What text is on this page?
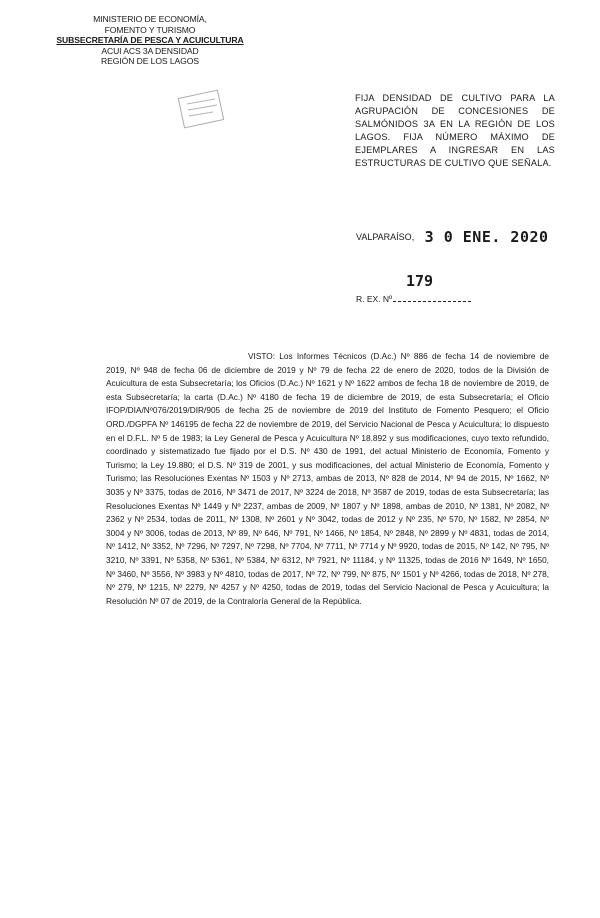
MINISTERIO DE ECONOMÍA,
FOMENTO Y TURISMO
SUBSECRETARÍA DE PESCA Y ACUICULTURA
ACUI ACS 3A DENSIDAD
REGIÓN DE LOS LAGOS
FIJA DENSIDAD DE CULTIVO PARA LA AGRUPACIÓN DE CONCESIONES DE SALMÓNIDOS 3A EN LA REGIÓN DE LOS LAGOS. FIJA NÚMERO MÁXIMO DE EJEMPLARES A INGRESAR EN LAS ESTRUCTURAS DE CULTIVO QUE SEÑALA.
VALPARAÍSO, 3 0 ENE. 2020
179
R. EX. Nº
VISTO: Los Informes Técnicos (D.Ac.) Nº 886 de fecha 14 de noviembre de 2019, Nº 948 de fecha 06 de diciembre de 2019 y Nº 79 de fecha 22 de enero de 2020, todos de la División de Acuicultura de esta Subsecretaría; los Oficios (D.Ac.) Nº 1621 y Nº 1622 ambos de fecha 18 de noviembre de 2019, de esta Subsecretaría; la carta (D.Ac.) Nº 4180 de fecha 19 de diciembre de 2019, de esta Subsecretaría; el Oficio IFOP/DIA/Nº076/2019/DIR/905 de fecha 25 de noviembre de 2019 del Instituto de Fomento Pesquero; el Oficio ORD./DGPFA Nº 146195 de fecha 22 de noviembre de 2019, del Servicio Nacional de Pesca y Acuicultura; lo dispuesto en el D.F.L. Nº 5 de 1983; la Ley General de Pesca y Acuicultura Nº 18.892 y sus modificaciones, cuyo texto refundido, coordinado y sistematizado fue fijado por el D.S. Nº 430 de 1991, del actual Ministerio de Economía, Fomento y Turismo; la Ley 19.880; el D.S. Nº 319 de 2001, y sus modificaciones, del actual Ministerio de Economía, Fomento y Turismo; las Resoluciones Exentas Nº 1503 y Nº 2713, ambas de 2013, Nº 828 de 2014, Nº 94 de 2015, Nº 1662, Nº 3035 y Nº 3375, todas de 2016, Nº 3471 de 2017, Nº 3224 de 2018, Nº 3587 de 2019, todas de esta Subsecretaría; las Resoluciones Exentas Nº 1449 y Nº 2237, ambas de 2009, Nº 1807 y Nº 1898, ambas de 2010, Nº 1381, Nº 2082, Nº 2362 y Nº 2534, todas de 2011, Nº 1308, Nº 2601 y Nº 3042, todas de 2012 y Nº 235, Nº 570, Nº 1582, Nº 2854, Nº 3004 y Nº 3006, todas de 2013, Nº 89, Nº 646, Nº 791, Nº 1466, Nº 1854, Nº 2848, Nº 2899 y Nº 4831, todas de 2014, Nº 1412, Nº 3352, Nº 7296, Nº 7297, Nº 7298, Nº 7704, Nº 7711, Nº 7714 y Nº 9920, todas de 2015, Nº 142, Nº 795, Nº 3210, Nº 3391, Nº 5358, Nº 5361, Nº 5384, Nº 6312, Nº 7921, Nº 11184, y Nº 11325, todas de 2016 Nº 1649, Nº 1650, Nº 3460, Nº 3556, Nº 3983 y Nº 4810, todas de 2017, Nº 72, Nº 799, Nº 875, Nº 1501 y Nº 4266, todas de 2018, Nº 278, Nº 279, Nº 1215, Nº 2279, Nº 4257 y Nº 4250, todas de 2019, todas del Servicio Nacional de Pesca y Acuicultura; la Resolución Nº 07 de 2019, de la Contraloría General de la República.
